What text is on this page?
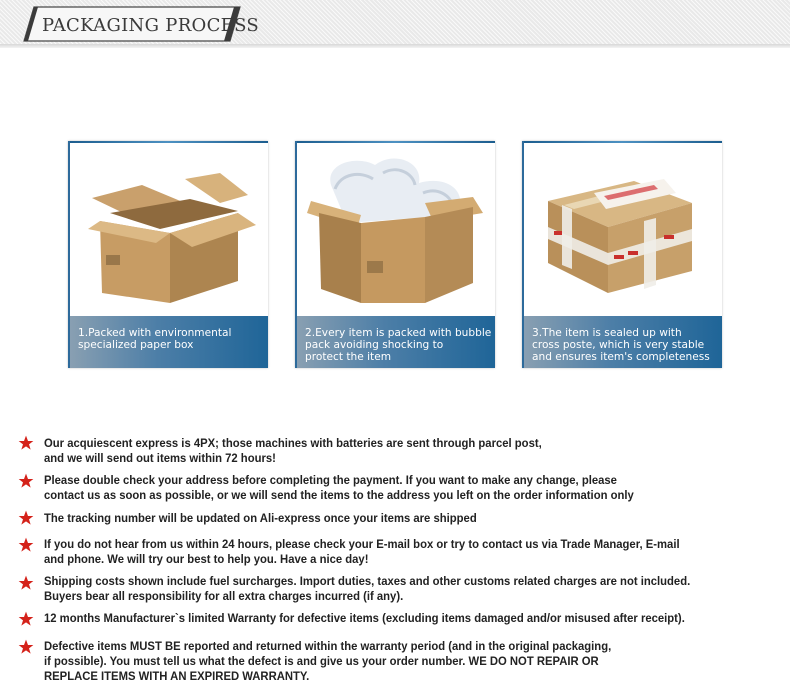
PACKAGING PROCESS
1.Packed with environmental
specialized paper box
2.Every item is packed with bubble
pack avoiding shocking to
protect the item
3.The item is sealed up with
cross poste, which is very stable
and ensures item's completeness
Our acquiescent express is 4PX; those machines with batteries are sent through parcel post,
and we will send out items within 72 hours!
Please double check your address before completing the payment. If you want to make any change, please
contact us as soon as possible, or we will send the items to the address you left on the order information only
The tracking number will be updated on Ali-express once your items are shipped
If you do not hear from us within 24 hours, please check your E-mail box or try to contact us via Trade Manager, E-mail
and phone. We will try our best to help you. Have a nice day!
Shipping costs shown include fuel surcharges. Import duties, taxes and other customs related charges are not included.
Buyers bear all responsibility for all extra charges incurred (if any).
12 months Manufacturer`s limited Warranty for defective items (excluding items damaged and/or misused after receipt).
Defective items MUST BE reported and returned within the warranty period (and in the original packaging,
if possible). You must tell us what the defect is and give us your order number. WE DO NOT REPAIR OR
REPLACE ITEMS WITH AN EXPIRED WARRANTY.
